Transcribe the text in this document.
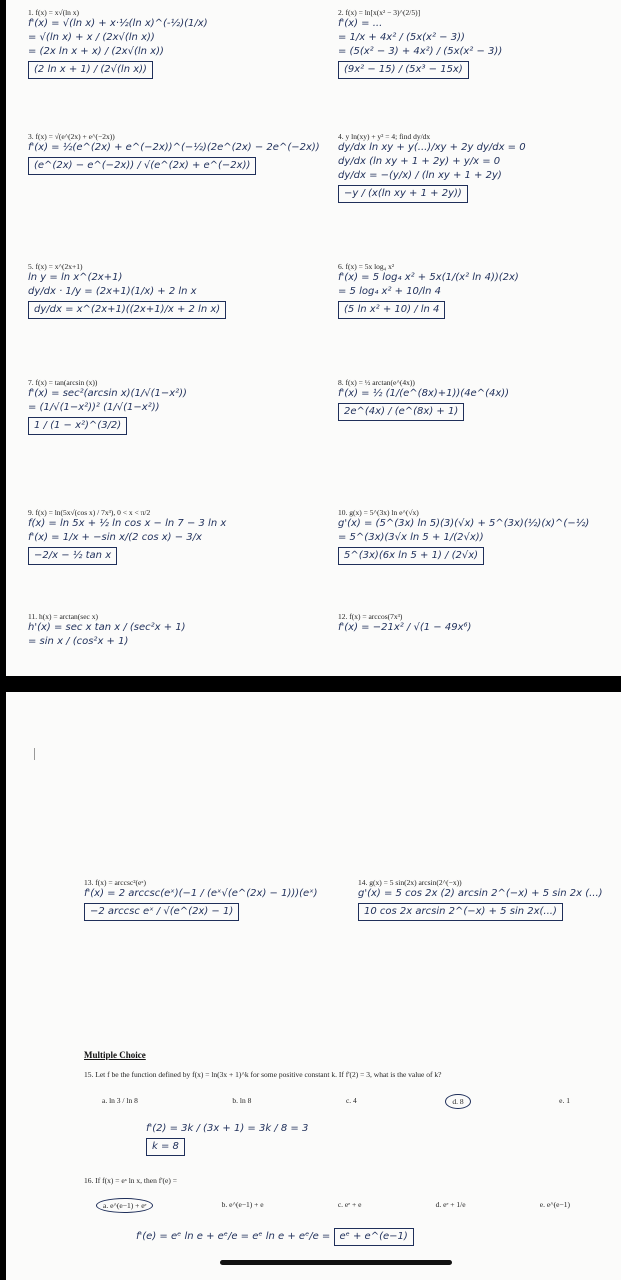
1. f(x) = x√(ln x)
f'(x) = √(ln x) + x·½(ln x)^(-½)(1/x)
= √(ln x) + x / (2x√(ln x))
= (2x ln x + x) / (2x√(ln x))
(2 ln x + 1) / (2√(ln x))
3. f(x) = √(e^(2x) + e^(−2x))
f'(x) = ½(e^(2x) + e^(−2x))^(−½)(2e^(2x) − 2e^(−2x))
(e^(2x) − e^(−2x)) / √(e^(2x) + e^(−2x))
5. f(x) = x^(2x+1)
ln y = ln x^(2x+1)
dy/dx · 1/y = (2x+1)(1/x) + 2 ln x
dy/dx = x^(2x+1)((2x+1)/x + 2 ln x)
7. f(x) = tan(arcsin (x))
f'(x) = sec²(arcsin x)(1/√(1−x²))
= (1/√(1−x²))² (1/√(1−x²))
1 / (1 − x²)^(3/2)
9. f(x) = ln(5x√(cos x) / 7x³), 0 < x < π/2
f(x) = ln 5x + ½ ln cos x − ln 7 − 3 ln x
f'(x) = 1/x + −sin x/(2 cos x) − 3/x
−2/x − ½ tan x
11. h(x) = arctan(sec x)
h'(x) = sec x tan x / (sec²x + 1)
= sin x / (cos²x + 1)
2. f(x) = ln[x(x² − 3)^(2/5)]
f'(x) = ...
= 1/x + 4x² / (5x(x² − 3))
= (5(x² − 3) + 4x²) / (5x(x² − 3))
(9x² − 15) / (5x³ − 15x)
4. y ln(xy) + y² = 4; find dy/dx
dy/dx ln xy + y(...)/xy + 2y dy/dx = 0
dy/dx (ln xy + 1 + 2y) + y/x = 0
dy/dx = −(y/x) / (ln xy + 1 + 2y)
−y / (x(ln xy + 1 + 2y))
6. f(x) = 5x log₄ x²
f'(x) = 5 log₄ x² + 5x(1/(x² ln 4))(2x)
= 5 log₄ x² + 10/ln 4
(5 ln x² + 10) / ln 4
8. f(x) = ½ arctan(e^(4x))
f'(x) = ½ (1/(e^(8x)+1))(4e^(4x))
2e^(4x) / (e^(8x) + 1)
10. g(x) = 5^(3x) ln e^(√x)
g'(x) = (5^(3x) ln 5)(3)(√x) + 5^(3x)(½)(x)^(−½)
= 5^(3x)(3√x ln 5 + 1/(2√x))
5^(3x)(6x ln 5 + 1) / (2√x)
12. f(x) = arccos(7x³)
f'(x) = −21x² / √(1 − 49x⁶)
13. f(x) = arccsc²(eˣ)
f'(x) = 2 arccsc(eˣ)(−1 / (eˣ√(e^(2x) − 1)))(eˣ)
−2 arccsc eˣ / √(e^(2x) − 1)
14. g(x) = 5 sin(2x) arcsin(2^(−x))
g'(x) = 5 cos 2x (2) arcsin 2^(−x) + 5 sin 2x (...)
10 cos 2x arcsin 2^(−x) + 5 sin 2x(...)
Multiple Choice
15. Let f be the function defined by f(x) = ln(3x + 1)^k for some positive constant k. If f'(2) = 3, what is the value of k?
a. ln 3 / ln 8	b. ln 8	c. 4	d. 8	e. 1
f'(2) = 3k / (3x + 1) = 3k / 8 = 3
k = 8
16. If f(x) = eˣ ln x, then f'(e) =
a. e^(e−1) + eᵉ	b. e^(e−1) + e	c. eᵉ + e	d. eᵉ + 1/e	e. e^(e−1)
f'(e) = eᵉ ln e + eᵉ/e = eᵉ ln e + eᵉ/e = eᵉ + e^(e−1)
